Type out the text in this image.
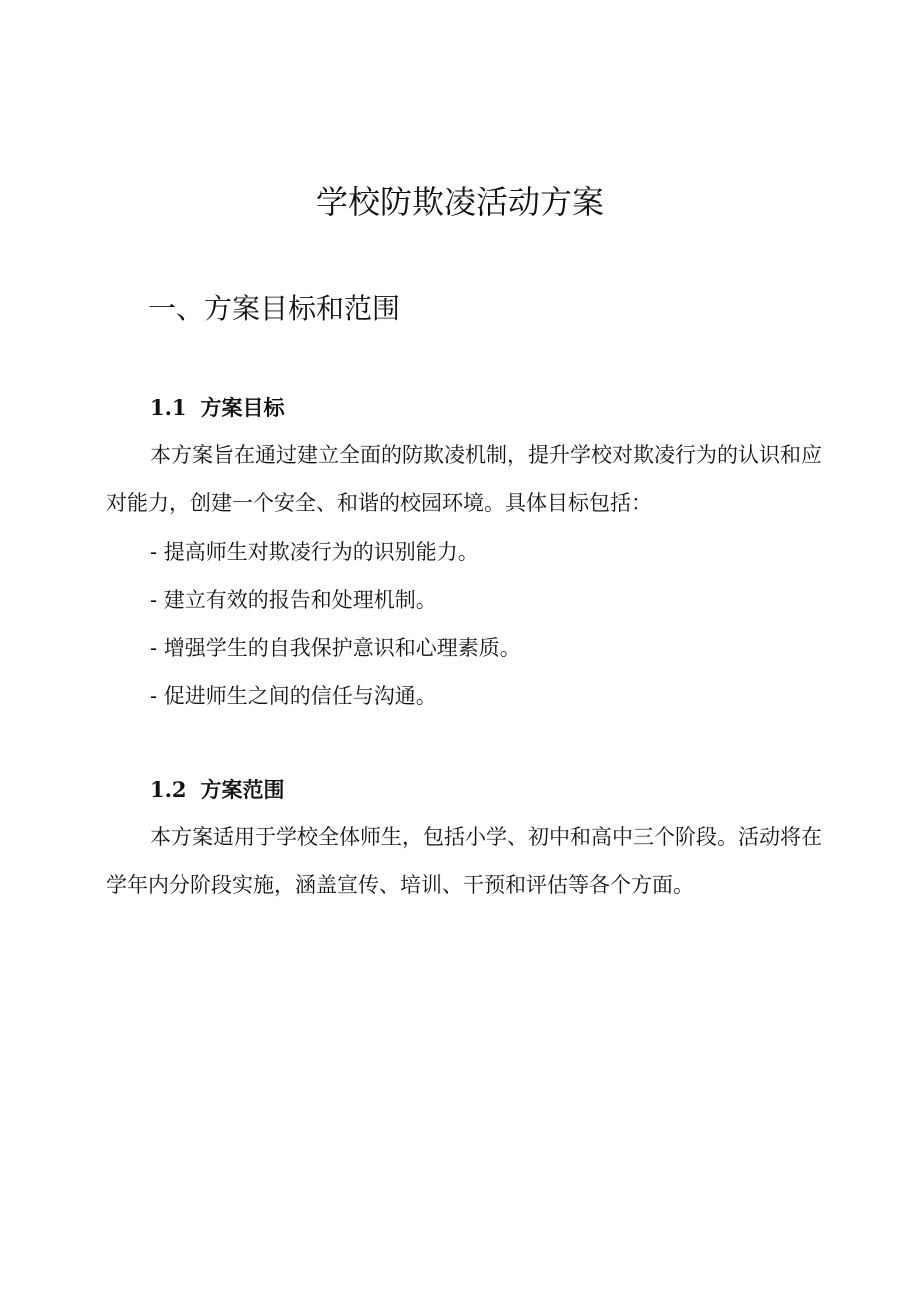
学校防欺凌活动方案
一、方案目标和范围
1.1 方案目标
本方案旨在通过建立全面的防欺凌机制，提升学校对欺凌行为的认识和应对能力，创建一个安全、和谐的校园环境。具体目标包括：
- 提高师生对欺凌行为的识别能力。
- 建立有效的报告和处理机制。
- 增强学生的自我保护意识和心理素质。
- 促进师生之间的信任与沟通。
1.2 方案范围
本方案适用于学校全体师生，包括小学、初中和高中三个阶段。活动将在学年内分阶段实施，涵盖宣传、培训、干预和评估等各个方面。
